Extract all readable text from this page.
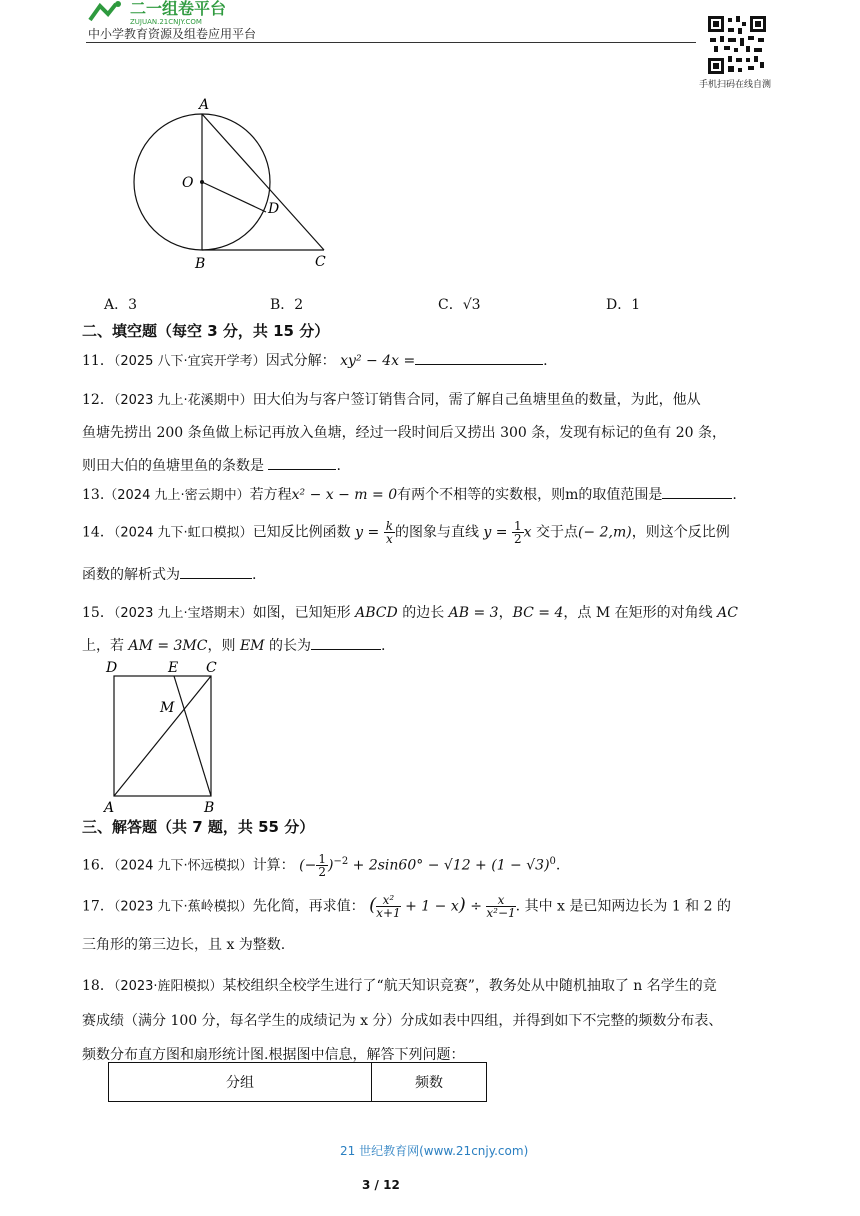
二一组卷平台
ZUJUAN.21CNJY.COM
中小学教育资源及组卷应用平台
手机扫码在线自测
A
O
D
B	C
A．3	B．2	C．√3	D．1
二、填空题（每空 3 分，共 15 分）
11．（2025 八下·宜宾开学考）因式分解： xy² − 4x =	.
12．（2023 九上·花溪期中）田大伯为与客户签订销售合同，需了解自己鱼塘里鱼的数量，为此，他从
鱼塘先捞出 200 条鱼做上标记再放入鱼塘，经过一段时间后又捞出 300 条，发现有标记的鱼有 20 条，
则田大伯的鱼塘里鱼的条数是	.
13.（2024 九上·密云期中）若方程x² − x − m = 0有两个不相等的实数根，则m的取值范围是	.
14．（2024 九下·虹口模拟）已知反比例函数 $y = \frac{k}{x}$ 的图象与直线 $y = \frac{1}{2}$ x 交于点(− 2,m)，则这个反比例
函数的解析式为	.
15．（2023 九上·宝塔期末）如图，已知矩形 ABCD 的边长 AB = 3，BC = 4，点 M 在矩形的对角线 AC
上，若 AM = 3MC，则 EM 的长为	.
D	E C
M
A	B
三、解答题（共 7 题，共 55 分）
16．（2024 九下·怀远模拟）计算： (− $\frac{1}{2} )^{-2} + 2\sin 60^\circ - √12 + (1 - √3)^0$.
17．（2023 九下·蕉岭模拟）先化简，再求值： ( $\frac{\text{x²}}{x+1} + 1 - x) \div \frac{x}{\text{x²−1}}$ . 其中 x 是已知两边长为 1 和 2 的
三角形的第三边长，且 x 为整数.
18．（2023·旌阳模拟）某校组织全校学生进行了“航天知识竞赛”，教务处从中随机抽取了 n 名学生的竞
赛成绩（满分 100 分，每名学生的成绩记为 x 分）分成如表中四组，并得到如下不完整的频数分布表、
频数分布直方图和扇形统计图.根据图中信息，解答下列问题：
分组	频数
21 世纪教育网(www.21cnjy.com)
3 / 12
